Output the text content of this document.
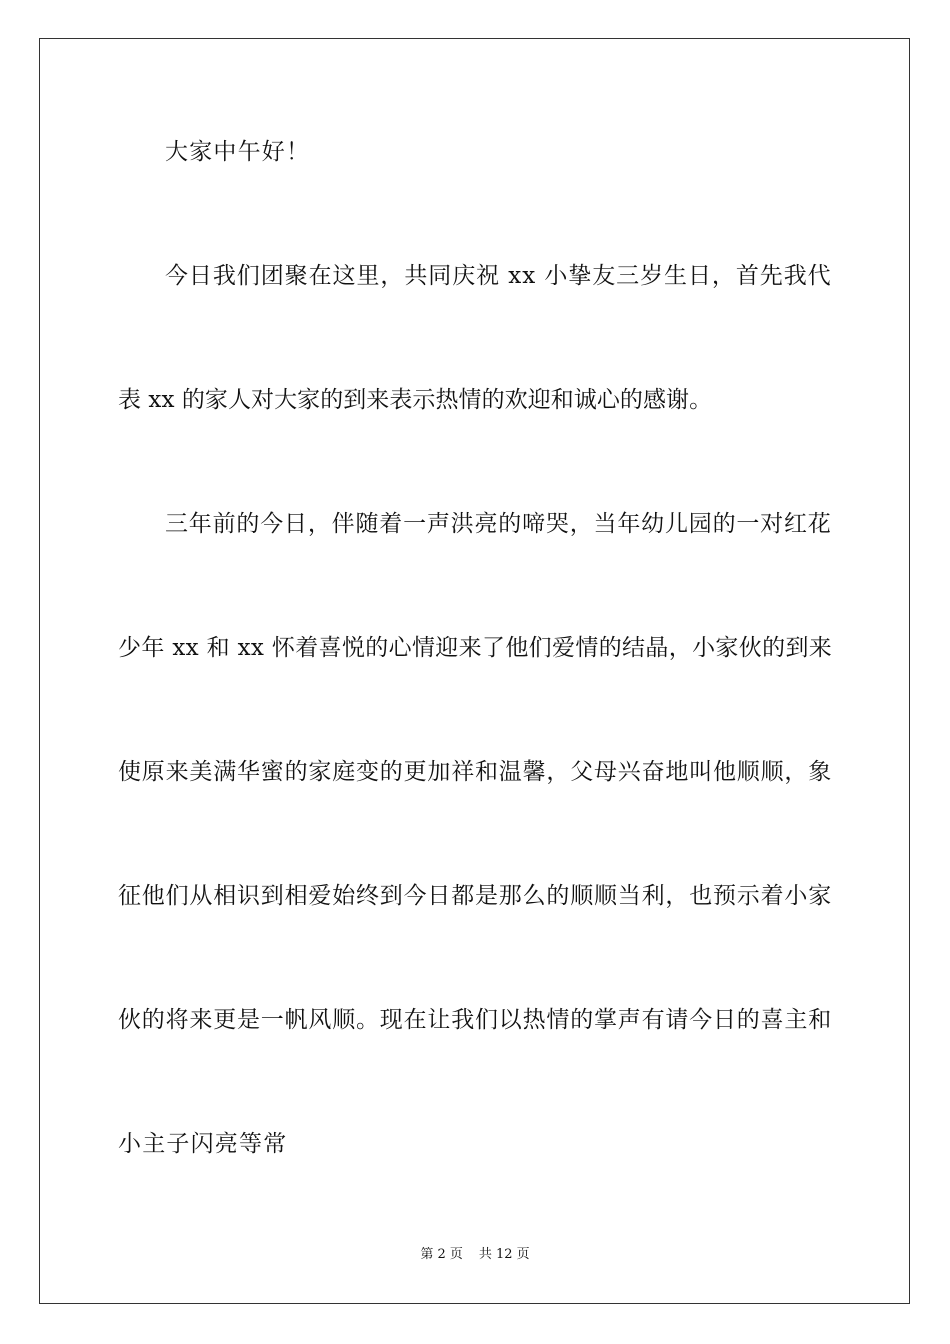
大家中午好！
今日我们团聚在这里，共同庆祝 xx 小挚友三岁生日，首先我代
表 xx 的家人对大家的到来表示热情的欢迎和诚心的感谢。
三年前的今日，伴随着一声洪亮的啼哭，当年幼儿园的一对红花
少年 xx 和 xx 怀着喜悦的心情迎来了他们爱情的结晶，小家伙的到来
使原来美满华蜜的家庭变的更加祥和温馨，父母兴奋地叫他顺顺，象
征他们从相识到相爱始终到今日都是那么的顺顺当利，也预示着小家
伙的将来更是一帆风顺。现在让我们以热情的掌声有请今日的喜主和
小主子闪亮等常
第 2 页 共 12 页
